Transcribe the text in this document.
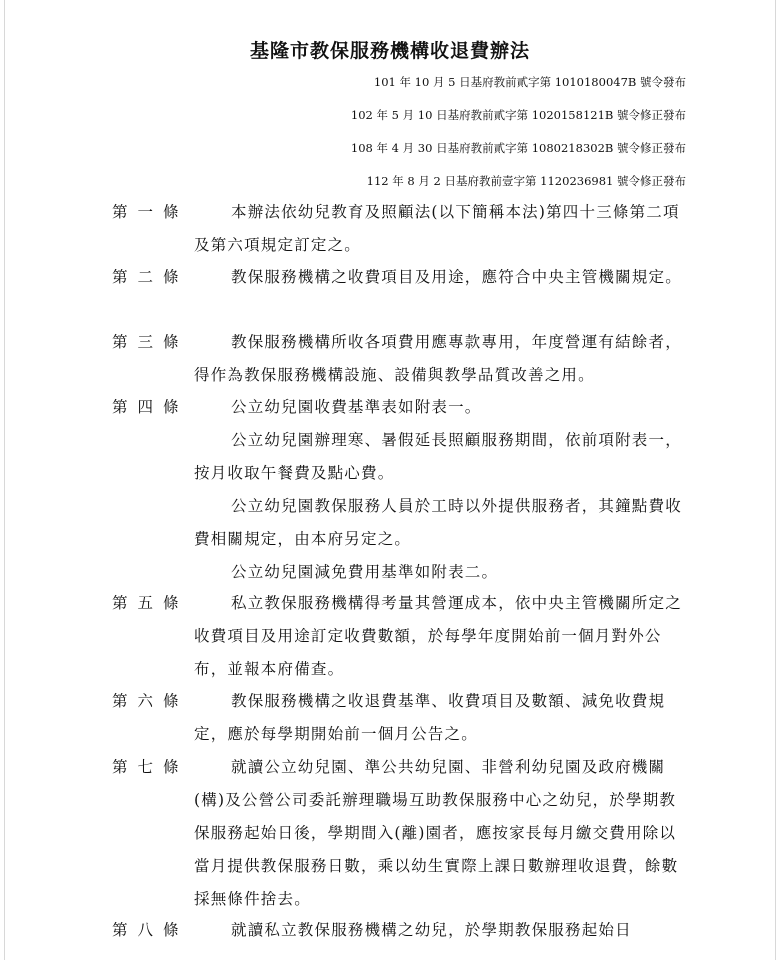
基隆市教保服務機構收退費辦法
101 年 10 月 5 日基府教前貳字第 1010180047B 號令發布
102 年 5 月 10 日基府教前貳字第 1020158121B 號令修正發布
108 年 4 月 30 日基府教前貳字第 1080218302B 號令修正發布
112 年 8 月 2 日基府教前壹字第 1120236981 號令修正發布
第一條	本辦法依幼兒教育及照顧法(以下簡稱本法)第四十三條第二項及第六項規定訂定之。
第二條	教保服務機構之收費項目及用途，應符合中央主管機關規定。
第三條	教保服務機構所收各項費用應專款專用，年度營運有結餘者，得作為教保服務機構設施、設備與教學品質改善之用。
第四條	公立幼兒園收費基準表如附表一。
公立幼兒園辦理寒、暑假延長照顧服務期間，依前項附表一，按月收取午餐費及點心費。
公立幼兒園教保服務人員於工時以外提供服務者，其鐘點費收費相關規定，由本府另定之。
公立幼兒園減免費用基準如附表二。
第五條	私立教保服務機構得考量其營運成本，依中央主管機關所定之收費項目及用途訂定收費數額，於每學年度開始前一個月對外公布，並報本府備查。
第六條	教保服務機構之收退費基準、收費項目及數額、減免收費規定，應於每學期開始前一個月公告之。
第七條	就讀公立幼兒園、準公共幼兒園、非營利幼兒園及政府機關(構)及公營公司委託辦理職場互助教保服務中心之幼兒，於學期教保服務起始日後，學期間入(離)園者，應按家長每月繳交費用除以當月提供教保服務日數，乘以幼生實際上課日數辦理收退費，餘數採無條件捨去。
第八條	就讀私立教保服務機構之幼兒，於學期教保服務起始日
